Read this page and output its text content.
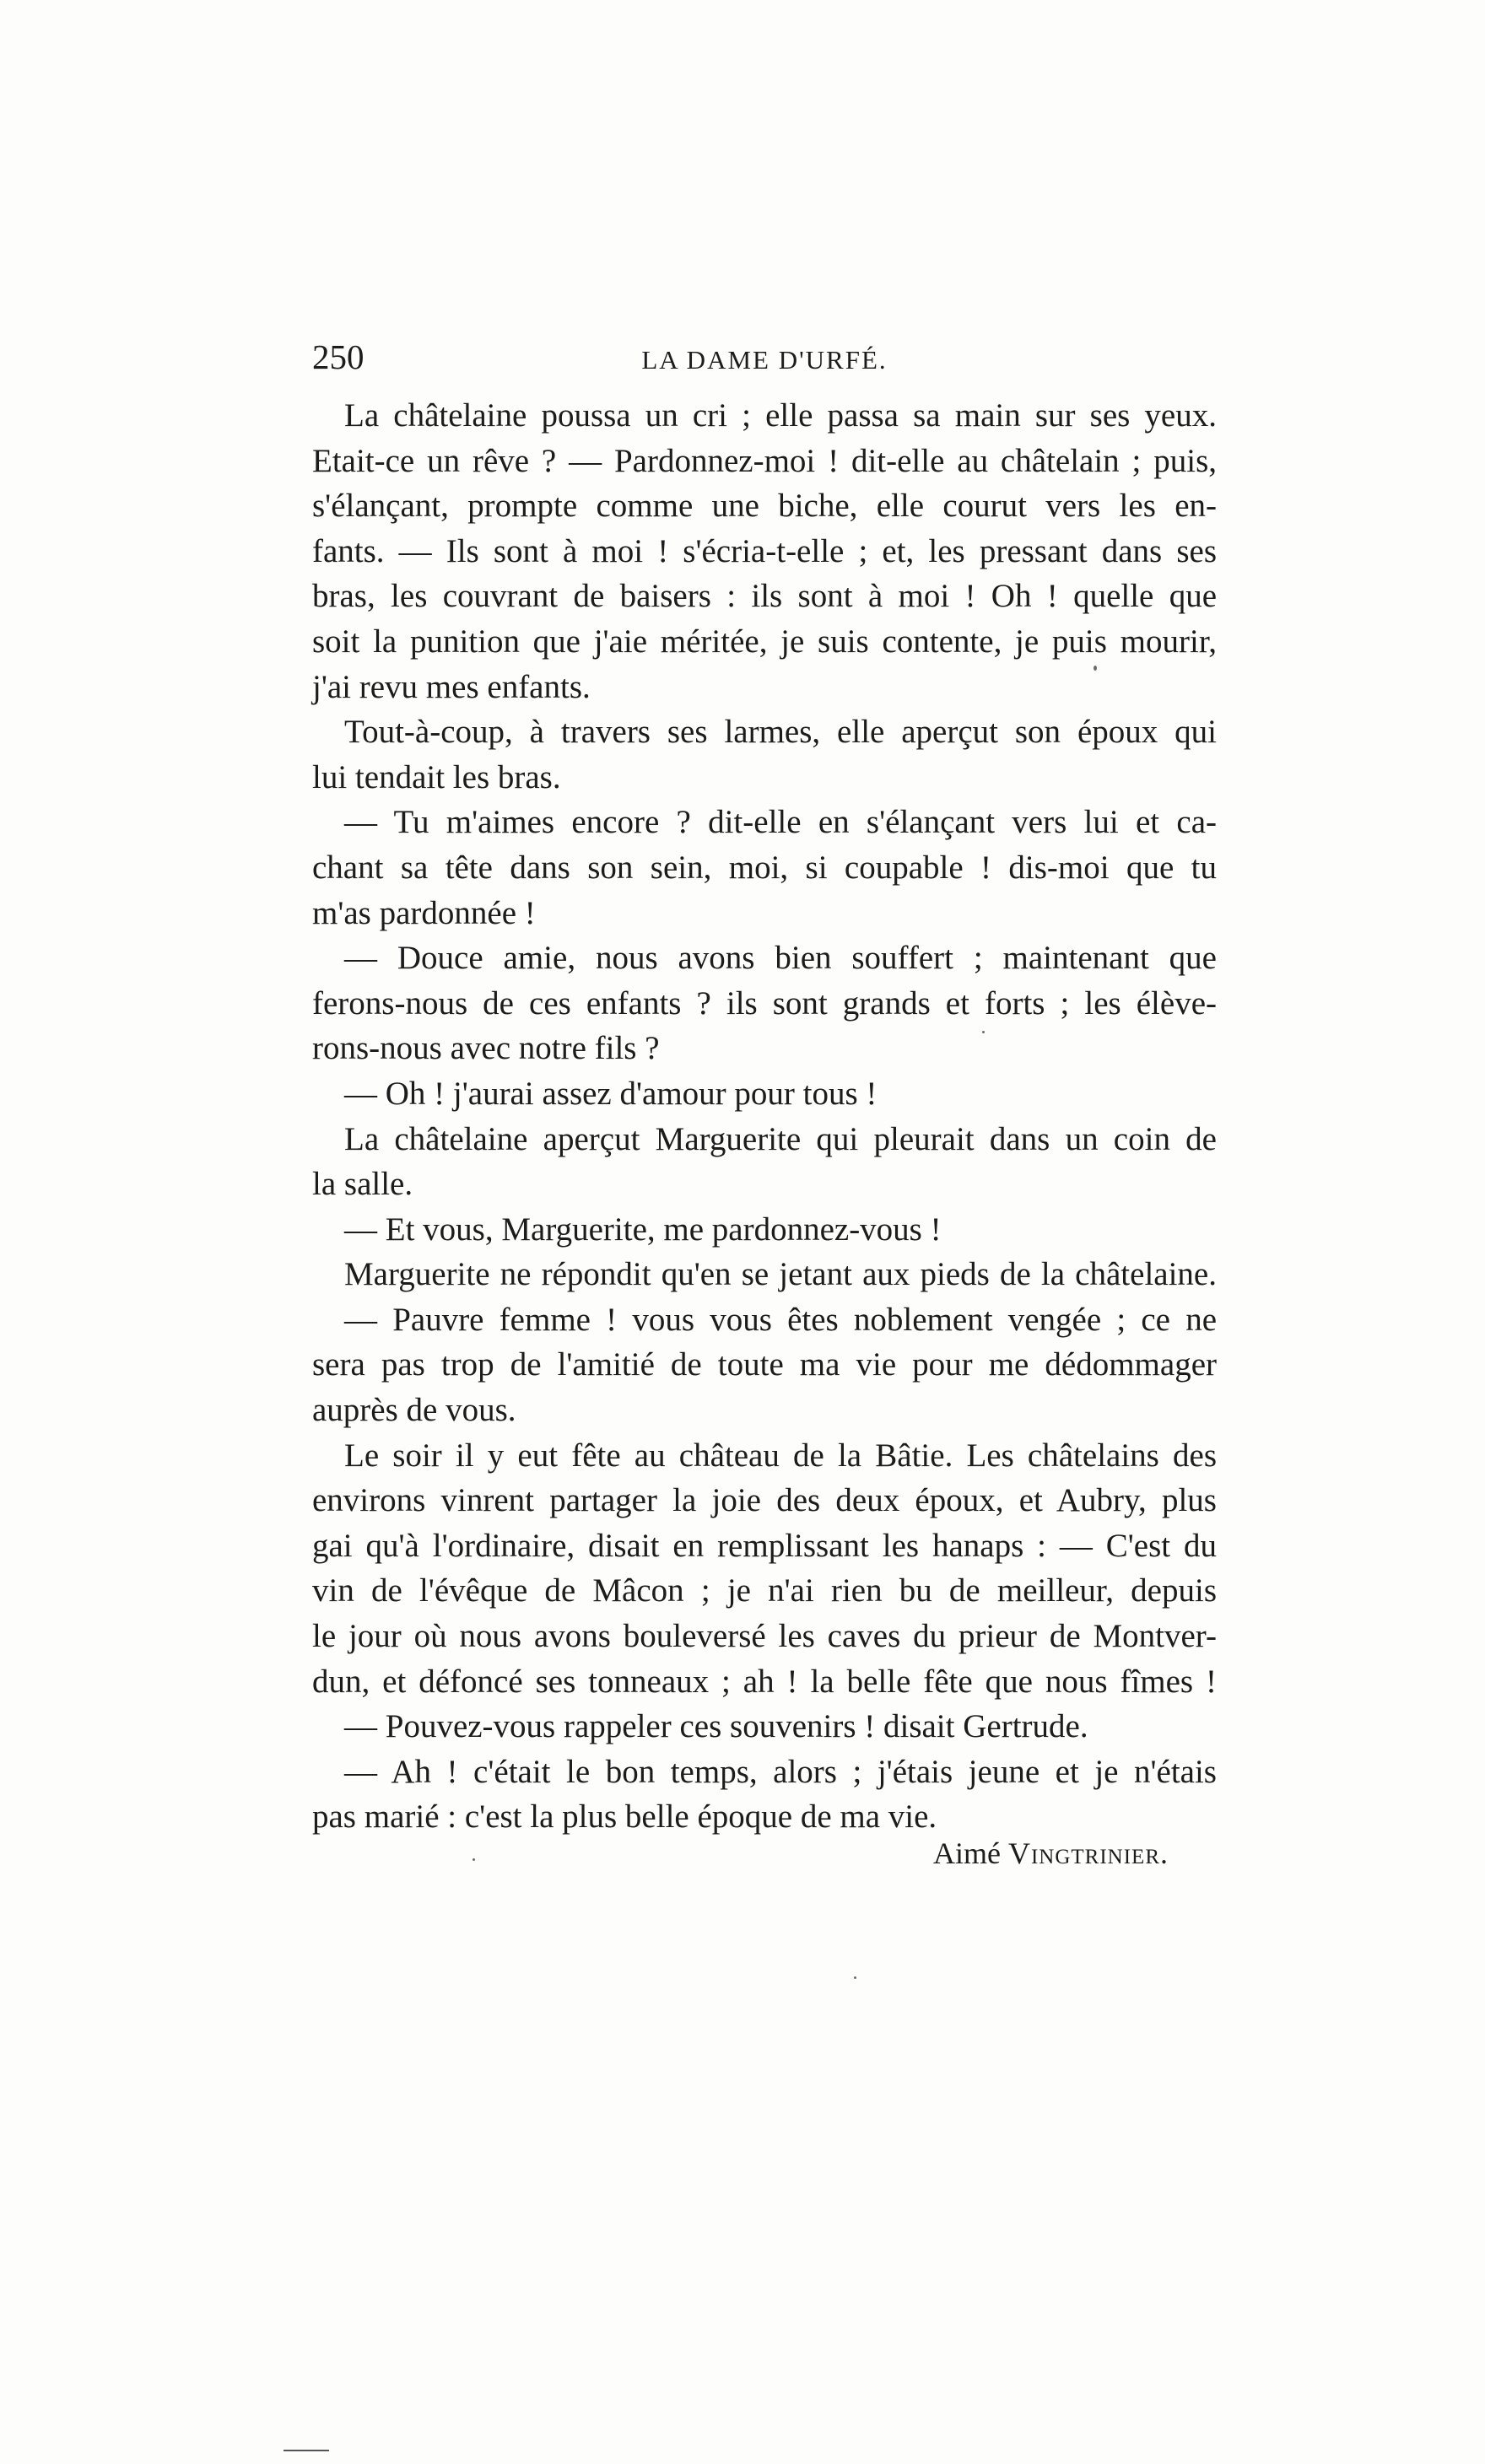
250	LA DAME D'URFÉ.
La châtelaine poussa un cri ; elle passa sa main sur ses yeux.
Etait-ce un rêve ? — Pardonnez-moi ! dit-elle au châtelain ; puis,
s'élançant, prompte comme une biche, elle courut vers les en-
fants. — Ils sont à moi ! s'écria-t-elle ; et, les pressant dans ses
bras, les couvrant de baisers : ils sont à moi ! Oh ! quelle que
soit la punition que j'aie méritée, je suis contente, je puis mourir,
j'ai revu mes enfants.
Tout-à-coup, à travers ses larmes, elle aperçut son époux qui
lui tendait les bras.
— Tu m'aimes encore ? dit-elle en s'élançant vers lui et ca-
chant sa tête dans son sein, moi, si coupable ! dis-moi que tu
m'as pardonnée !
— Douce amie, nous avons bien souffert ; maintenant que
ferons-nous de ces enfants ? ils sont grands et forts ; les élève-
rons-nous avec notre fils ?
— Oh ! j'aurai assez d'amour pour tous !
La châtelaine aperçut Marguerite qui pleurait dans un coin de
la salle.
— Et vous, Marguerite, me pardonnez-vous !
Marguerite ne répondit qu'en se jetant aux pieds de la châtelaine.
— Pauvre femme ! vous vous êtes noblement vengée ; ce ne
sera pas trop de l'amitié de toute ma vie pour me dédommager
auprès de vous.
Le soir il y eut fête au château de la Bâtie. Les châtelains des
environs vinrent partager la joie des deux époux, et Aubry, plus
gai qu'à l'ordinaire, disait en remplissant les hanaps : — C'est du
vin de l'évêque de Mâcon ; je n'ai rien bu de meilleur, depuis
le jour où nous avons bouleversé les caves du prieur de Montver-
dun, et défoncé ses tonneaux ; ah ! la belle fête que nous fîmes !
— Pouvez-vous rappeler ces souvenirs ! disait Gertrude.
— Ah ! c'était le bon temps, alors ; j'étais jeune et je n'étais
pas marié : c'est la plus belle époque de ma vie.
Aimé Vingtrinier.
